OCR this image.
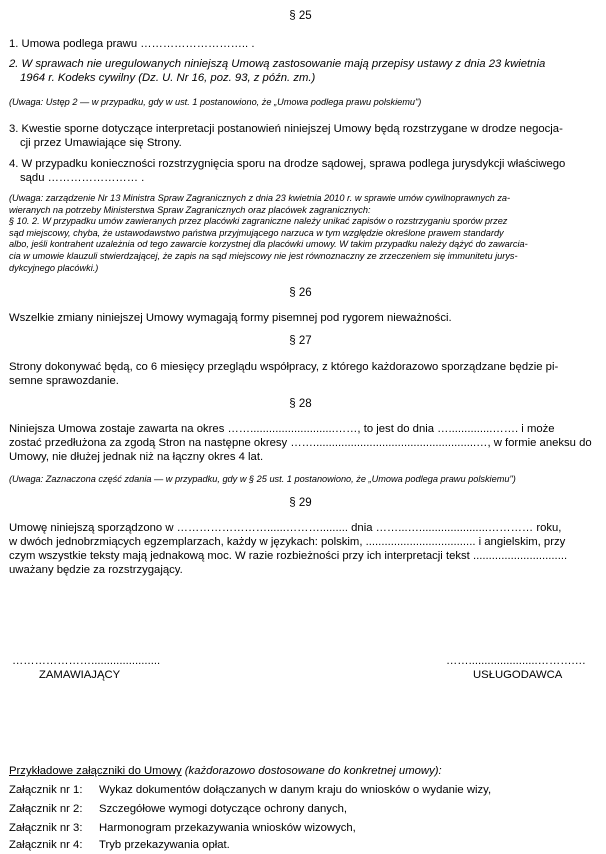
§ 25

1. Umowa podlega prawu ……………………….. .

2. W sprawach nie uregulowanych niniejszą Umową zastosowanie mają przepisy ustawy z dnia 23 kwietnia

1964 r. Kodeks cywilny (Dz. U. Nr 16, poz. 93, z późn. zm.)

(Uwaga: Ustęp 2 — w przypadku, gdy w ust. 1 postanowiono, że „Umowa podlega prawu polskiemu")

3. Kwestie sporne dotyczące interpretacji postanowień niniejszej Umowy będą rozstrzygane w drodze negocja-

cji przez Umawiające się Strony.

4. W przypadku konieczności rozstrzygnięcia sporu na drodze sądowej, sprawa podlega jurysdykcji właściwego

sądu …………………… .

(Uwaga: zarządzenie Nr 13 Ministra Spraw Zagranicznych z dnia 23 kwietnia 2010 r. w sprawie umów cywilnoprawnych za-

wieranych na potrzeby Ministerstwa Spraw Zagranicznych oraz placówek zagranicznych:

§ 10. 2. W przypadku umów zawieranych przez placówki zagraniczne należy unikać zapisów o rozstrzyganiu sporów przez

sąd miejscowy, chyba, że ustawodawstwo państwa przyjmującego narzuca w tym względzie określone prawem standardy

albo, jeśli kontrahent uzależnia od tego zawarcie korzystnej dla placówki umowy. W takim przypadku należy dążyć do zawarcia-

cia w umowie klauzuli stwierdzającej, że zapis na sąd miejscowy nie jest równoznaczny ze zrzeczeniem się immunitetu jurys-

dykcyjnego placówki.)

§ 26

Wszelkie zmiany niniejszej Umowy wymagają formy pisemnej pod rygorem nieważności.

§ 27

Strony dokonywać będą, co 6 miesięcy przeglądu współpracy, z którego każdorazowo sporządzane będzie pi-

semne sprawozdanie.

§ 28

Niniejsza Umowa zostaje zawarta na okres ……...........................……, to jest do dnia …..............……. i może

zostać przedłużona za zgodą Stron na następne okresy ……....................................................…, w formie aneksu do

Umowy, nie dłużej jednak niż na łączny okres 4 lat.

(Uwaga: Zaznaczona część zdania — w przypadku, gdy w § 25 ust. 1 postanowiono, że „Umowa podlega prawu polskiemu")

§ 29

Umowę niniejszą sporządzono w ……………………......………......... dnia ……...…......................………… roku,

w dwóch jednobrzmiących egzemplarzach, każdy w językach: polskim, ................................... i angielskim, przy

czym wszystkie teksty mają jednakową moc. W razie rozbieżności przy ich interpretacji tekst ..............................

uważany będzie za rozstrzygający.

…………………......................
ZAMAWIAJĄCY
……......................……….…
USŁUGODAWCA
Przykładowe załączniki do Umowy (każdorazowo dostosowane do konkretnej umowy):
Załącznik nr 1: Wykaz dokumentów dołączanych w danym kraju do wniosków o wydanie wizy,
Załącznik nr 2: Szczegółowe wymogi dotyczące ochrony danych,
Załącznik nr 3: Harmonogram przekazywania wniosków wizowych,
Załącznik nr 4: Tryb przekazywania opłat.
